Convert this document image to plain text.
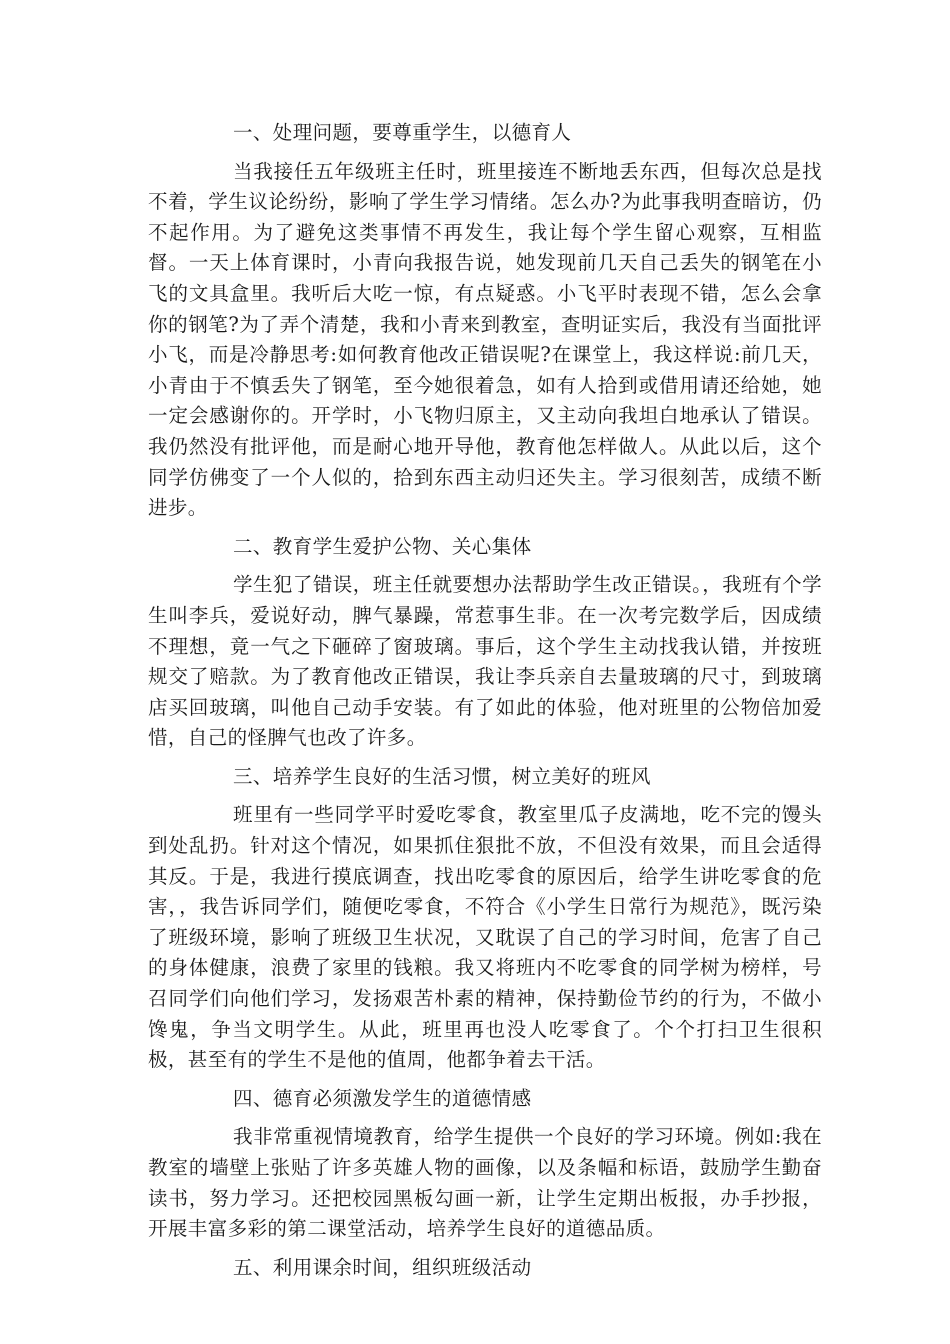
一、处理问题，要尊重学生，以德育人

当我接任五年级班主任时，班里接连不断地丢东西，但每次总是找不着，学生议论纷纷，影响了学生学习情绪。怎么办?为此事我明查暗访，仍不起作用。为了避免这类事情不再发生，我让每个学生留心观察，互相监督。一天上体育课时，小青向我报告说，她发现前几天自己丢失的钢笔在小飞的文具盒里。我听后大吃一惊，有点疑惑。小飞平时表现不错，怎么会拿你的钢笔?为了弄个清楚，我和小青来到教室，查明证实后，我没有当面批评小飞，而是冷静思考:如何教育他改正错误呢?在课堂上，我这样说:前几天，小青由于不慎丢失了钢笔，至今她很着急，如有人拾到或借用请还给她，她一定会感谢你的。开学时，小飞物归原主，又主动向我坦白地承认了错误。我仍然没有批评他，而是耐心地开导他，教育他怎样做人。从此以后，这个同学仿佛变了一个人似的，拾到东西主动归还失主。学习很刻苦，成绩不断进步。

二、教育学生爱护公物、关心集体

学生犯了错误，班主任就要想办法帮助学生改正错误。，我班有个学生叫李兵，爱说好动，脾气暴躁，常惹事生非。在一次考完数学后，因成绩不理想，竟一气之下砸碎了窗玻璃。事后，这个学生主动找我认错，并按班规交了赔款。为了教育他改正错误，我让李兵亲自去量玻璃的尺寸，到玻璃店买回玻璃，叫他自己动手安装。有了如此的体验，他对班里的公物倍加爱惜，自己的怪脾气也改了许多。

三、培养学生良好的生活习惯，树立美好的班风

班里有一些同学平时爱吃零食，教室里瓜子皮满地，吃不完的馒头到处乱扔。针对这个情况，如果抓住狠批不放，不但没有效果，而且会适得其反。于是，我进行摸底调查，找出吃零食的原因后，给学生讲吃零食的危害，，我告诉同学们，随便吃零食，不符合《小学生日常行为规范》，既污染了班级环境，影响了班级卫生状况，又耽误了自己的学习时间，危害了自己的身体健康，浪费了家里的钱粮。我又将班内不吃零食的同学树为榜样，号召同学们向他们学习，发扬艰苦朴素的精神，保持勤俭节约的行为，不做小馋鬼，争当文明学生。从此，班里再也没人吃零食了。个个打扫卫生很积极，甚至有的学生不是他的值周，他都争着去干活。

四、德育必须激发学生的道德情感

我非常重视情境教育，给学生提供一个良好的学习环境。例如:我在教室的墙壁上张贴了许多英雄人物的画像，以及条幅和标语，鼓励学生勤奋读书，努力学习。还把校园黑板勾画一新，让学生定期出板报，办手抄报，开展丰富多彩的第二课堂活动，培养学生良好的道德品质。

五、利用课余时间，组织班级活动
